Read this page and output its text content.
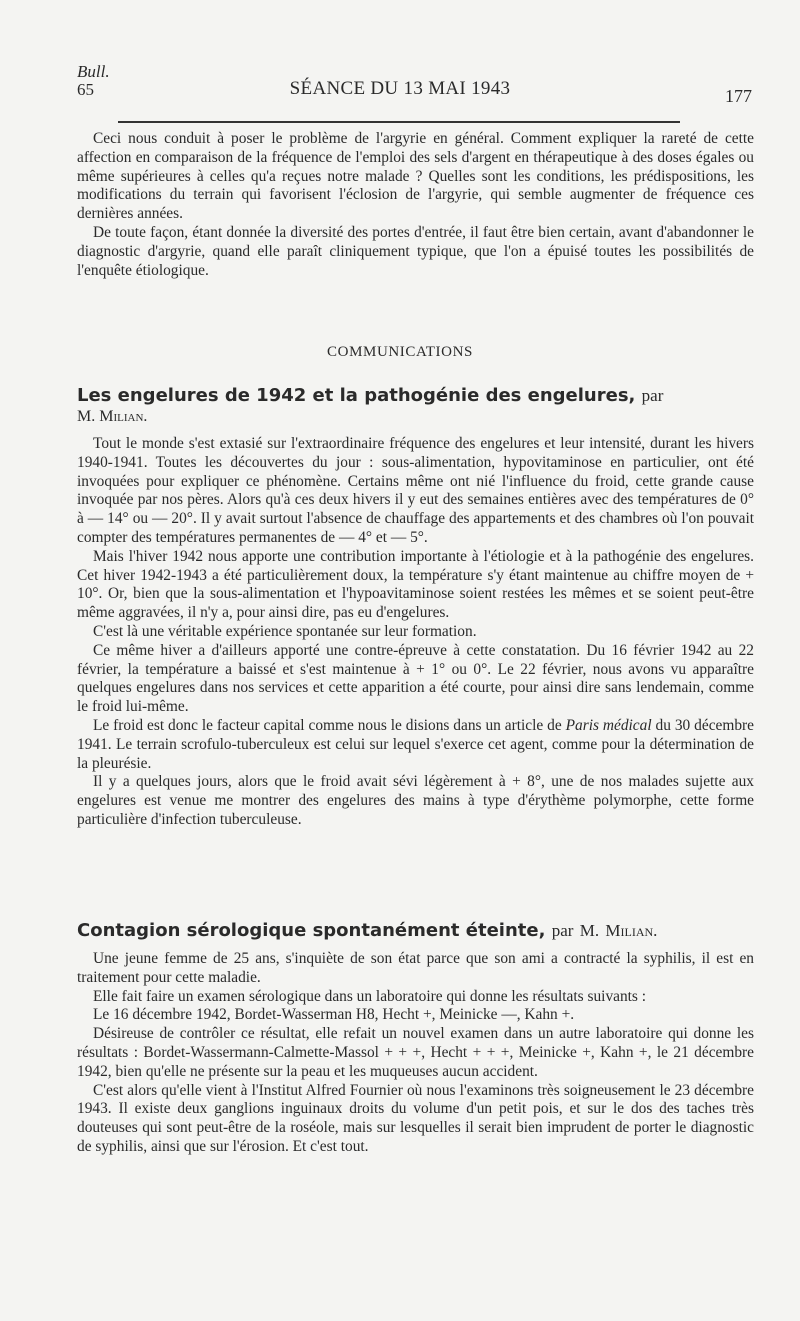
Bull.
65	SÉANCE DU 13 MAI 1943	177

Ceci nous conduit à poser le problème de l'argyrie en général. Comment expliquer la rareté de cette affection en comparaison de la fréquence de l'emploi des sels d'argent en thérapeutique à des doses égales ou même supérieures à celles qu'a reçues notre malade ? Quelles sont les conditions, les prédispositions, les modifications du terrain qui favorisent l'éclosion de l'argyrie, qui semble augmenter de fréquence ces dernières années.

De toute façon, étant donnée la diversité des portes d'entrée, il faut être bien certain, avant d'abandonner le diagnostic d'argyrie, quand elle paraît cliniquement typique, que l'on a épuisé toutes les possibilités de l'enquête étiologique.

COMMUNICATIONS

Les engelures de 1942 et la pathogénie des engelures, par

M. Milian.

Tout le monde s'est extasié sur l'extraordinaire fréquence des engelures et leur intensité, durant les hivers 1940-1941. Toutes les découvertes du jour : sous-alimentation, hypovitaminose en particulier, ont été invoquées pour expliquer ce phénomène. Certains même ont nié l'influence du froid, cette grande cause invoquée par nos pères. Alors qu'à ces deux hivers il y eut des semaines entières avec des températures de 0° à — 14° ou — 20°. Il y avait surtout l'absence de chauffage des appartements et des chambres où l'on pouvait compter des températures permanentes de — 4° et — 5°.

Mais l'hiver 1942 nous apporte une contribution importante à l'étiologie et à la pathogénie des engelures. Cet hiver 1942-1943 a été particulièrement doux, la température s'y étant maintenue au chiffre moyen de + 10°. Or, bien que la sous-alimentation et l'hypoavitaminose soient restées les mêmes et se soient peut-être même aggravées, il n'y a, pour ainsi dire, pas eu d'engelures.

C'est là une véritable expérience spontanée sur leur formation.

Ce même hiver a d'ailleurs apporté une contre-épreuve à cette constatation. Du 16 février 1942 au 22 février, la température a baissé et s'est maintenue à + 1° ou 0°. Le 22 février, nous avons vu apparaître quelques engelures dans nos services et cette apparition a été courte, pour ainsi dire sans lendemain, comme le froid lui-même.

Le froid est donc le facteur capital comme nous le disions dans un article de Paris médical du 30 décembre 1941. Le terrain scrofulo-tuberculeux est celui sur lequel s'exerce cet agent, comme pour la détermination de la pleurésie.

Il y a quelques jours, alors que le froid avait sévi légèrement à + 8°, une de nos malades sujette aux engelures est venue me montrer des engelures des mains à type d'érythème polymorphe, cette forme particulière d'infection tuberculeuse.

Contagion sérologique spontanément éteinte, par M. Milian.

Une jeune femme de 25 ans, s'inquiète de son état parce que son ami a contracté la syphilis, il est en traitement pour cette maladie.

Elle fait faire un examen sérologique dans un laboratoire qui donne les résultats suivants :

Le 16 décembre 1942, Bordet-Wasserman H8, Hecht +, Meinicke —, Kahn +.

Désireuse de contrôler ce résultat, elle refait un nouvel examen dans un autre laboratoire qui donne les résultats : Bordet-Wassermann-Calmette-Massol + + +, Hecht + + +, Meinicke +, Kahn +, le 21 décembre 1942, bien qu'elle ne présente sur la peau et les muqueuses aucun accident.

C'est alors qu'elle vient à l'Institut Alfred Fournier où nous l'examinons très soigneusement le 23 décembre 1943. Il existe deux ganglions inguinaux droits du volume d'un petit pois, et sur le dos des taches très douteuses qui sont peut-être de la roséole, mais sur lesquelles il serait bien imprudent de porter le diagnostic de syphilis, ainsi que sur l'érosion. Et c'est tout.
